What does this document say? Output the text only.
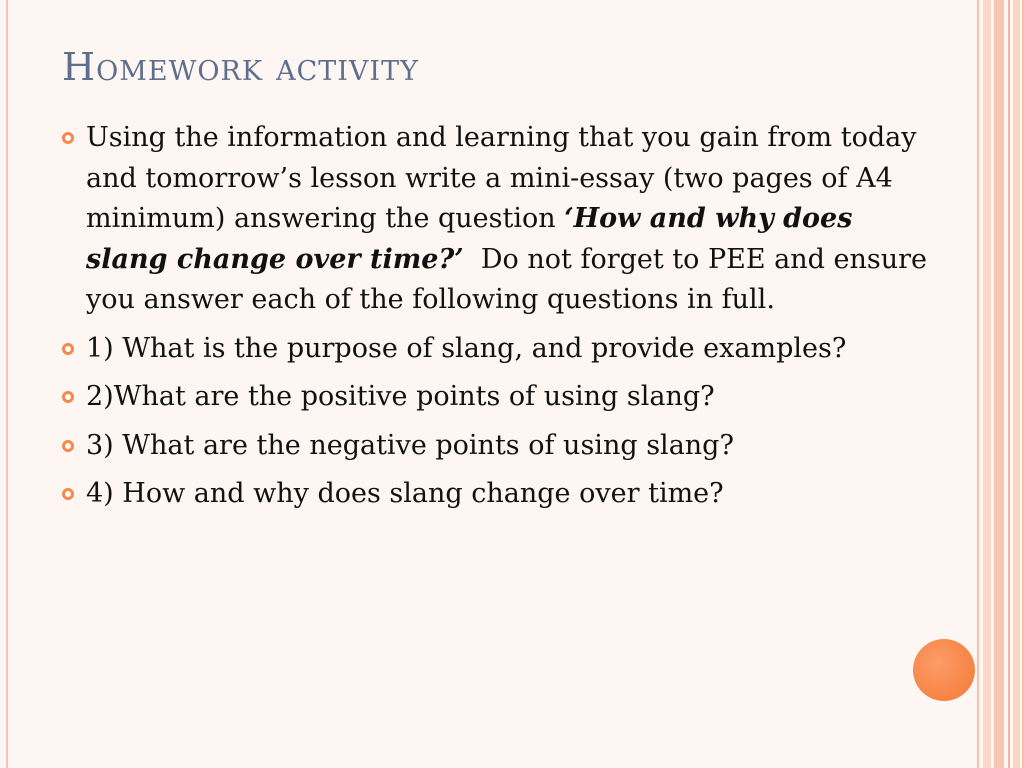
Homework activity
Using the information and learning that you gain from today and tomorrow’s lesson write a mini-essay (two pages of A4 minimum) answering the question ‘How and why does slang change over time?’  Do not forget to PEE and ensure you answer each of the following questions in full.
1) What is the purpose of slang, and provide examples?
2)What are the positive points of using slang?
3) What are the negative points of using slang?
4) How and why does slang change over time?
